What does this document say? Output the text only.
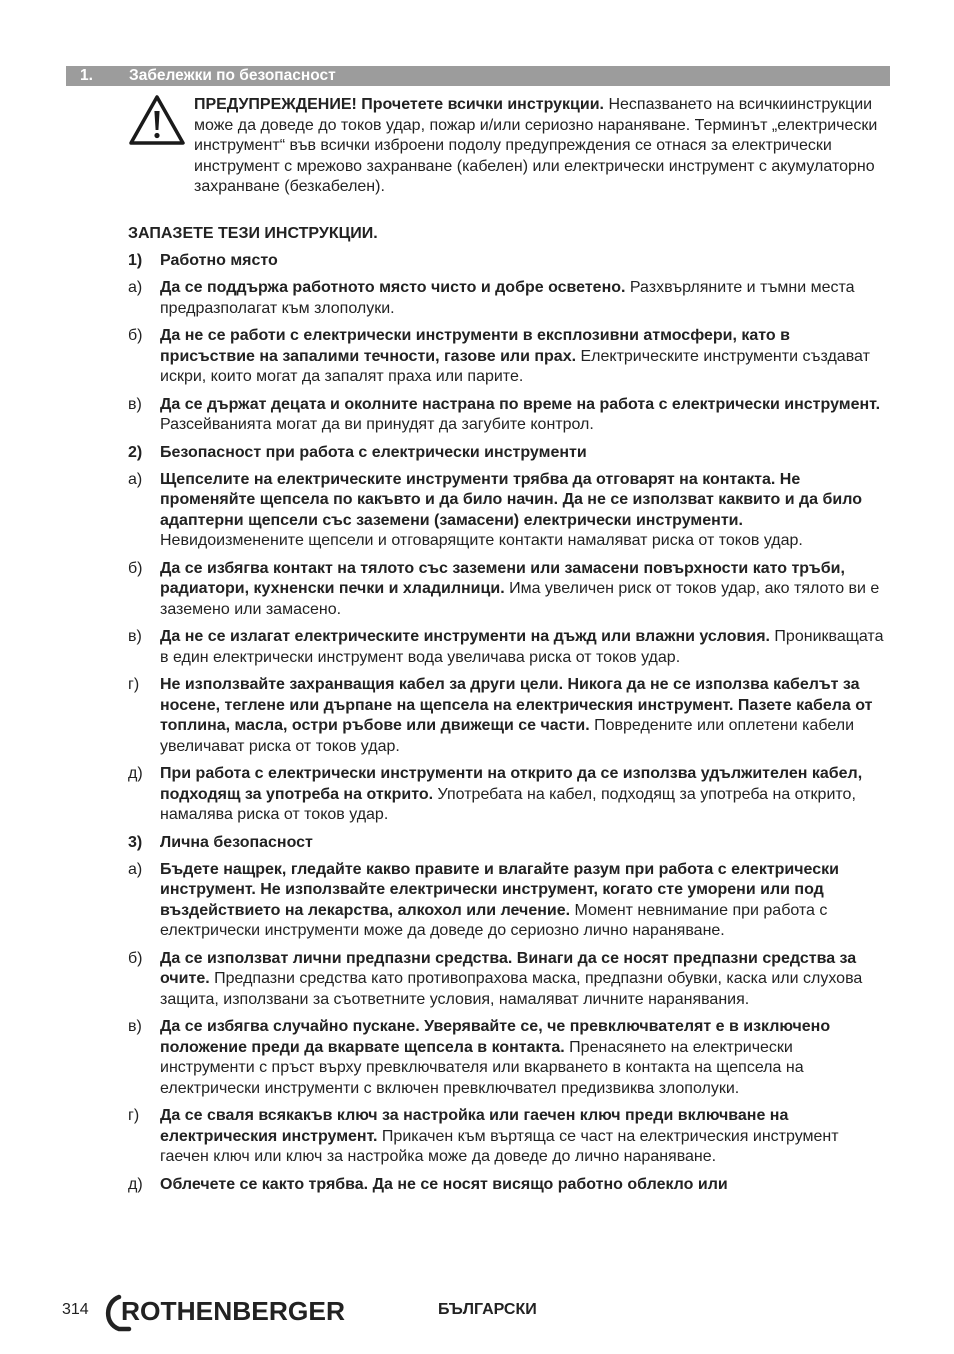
1. Забележки по безопасност
ПРЕДУПРЕЖДЕНИЕ! Прочетете всички инструкции. Неспазването на всичкиинструкции може да доведе до токов удар, пожар и/или сериозно нараняване. Терминът „електрически инструмент“ във всички изброени подолу предупреждения се отнася за електрически инструмент с мрежово захранване (кабелен) или електрически инструмент с акумулаторно захранване (безкабелен).
ЗАПАЗЕТЕ ТЕЗИ ИНСТРУКЦИИ.
1) Работно място
а) Да се поддържа работното място чисто и добре осветено. Разхвърляните и тъмни места предразполагат към злополуки.
б) Да не се работи с електрически инструменти в експлозивни атмосфери, като в присъствие на запалими течности, газове или прах. Електрическите инструменти създават искри, които могат да запалят праха или парите.
в) Да се държат децата и околните настрана по време на работа с електрически инструмент. Разсейванията могат да ви принудят да загубите контрол.
2) Безопасност при работа с електрически инструменти
а) Щепселите на електрическите инструменти трябва да отговарят на контакта. Не променяйте щепсела по какъвто и да било начин. Да не се използват каквито и да било адаптерни щепсели със заземени (замасени) електрически инструменти. Невидоизменените щепсели и отговарящите контакти намаляват риска от токов удар.
б) Да се избягва контакт на тялото със заземени или замасени повърхности като тръби, радиатори, кухненски печки и хладилници. Има увеличен риск от токов удар, ако тялото ви е заземено или замасено.
в) Да не се излагат електрическите инструменти на дъжд или влажни условия. Проникващата в един електрически инструмент вода увеличава риска от токов удар.
г) Не използвайте захранващия кабел за други цели. Никога да не се използва кабелът за носене, теглене или дърпане на щепсела на електрическия инструмент. Пазете кабела от топлина, масла, остри ръбове или движещи се части. Повредените или оплетени кабели увеличават риска от токов удар.
д) При работа с електрически инструменти на открито да се използва удължителен кабел, подходящ за употреба на открито. Употребата на кабел, подходящ за употреба на открито, намалява риска от токов удар.
3) Лична безопасност
а) Бъдете нащрек, гледайте какво правите и влагайте разум при работа с електрически инструмент. Не използвайте електрически инструмент, когато сте уморени или под въздействието на лекарства, алкохол или лечение. Момент невнимание при работа с електрически инструменти може да доведе до сериозно лично нараняване.
б) Да се използват лични предпазни средства. Винаги да се носят предпазни средства за очите. Предпазни средства като противопрахова маска, предпазни обувки, каска или слухова защита, използвани за съответните условия, намаляват личните наранявания.
в) Да се избягва случайно пускане. Уверявайте се, че превключвателят е в изключено положение преди да вкарвате щепсела в контакта. Пренасянето на електрически инструменти с пръст върху превключвателя или вкарването в контакта на щепсела на електрически инструменти с включен превключвател предизвиква злополуки.
г) Да се сваля всякакъв ключ за настройка или гаечен ключ преди включване на електрическия инструмент. Прикачен към въртяща се част на електрическия инструмент гаечен ключ или ключ за настройка може да доведе до лично нараняване.
д) Облечете се както трябва. Да не се носят висящо работно облекло или
314 ROTHENBERGER	БЪЛГАРСКИ
